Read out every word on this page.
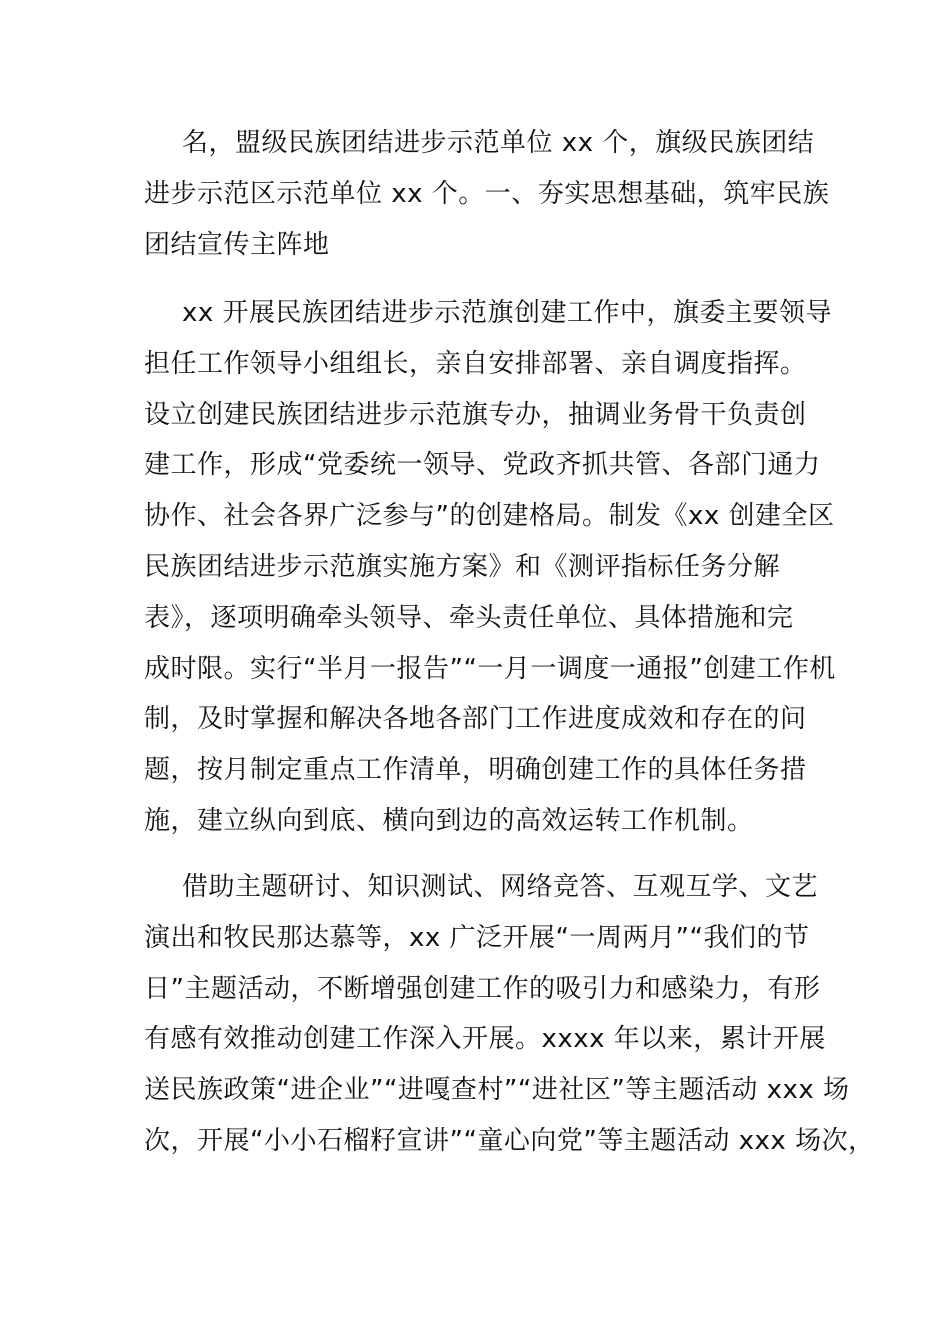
名，盟级民族团结进步示范单位 xx 个，旗级民族团结
进步示范区示范单位 xx 个。一、夯实思想基础，筑牢民族
团结宣传主阵地

xx 开展民族团结进步示范旗创建工作中，旗委主要领导
担任工作领导小组组长，亲自安排部署、亲自调度指挥。
设立创建民族团结进步示范旗专办，抽调业务骨干负责创
建工作，形成“党委统一领导、党政齐抓共管、各部门通力
协作、社会各界广泛参与”的创建格局。制发《xx 创建全区
民族团结进步示范旗实施方案》和《测评指标任务分解
表》，逐项明确牵头领导、牵头责任单位、具体措施和完
成时限。实行“半月一报告”“一月一调度一通报”创建工作机
制，及时掌握和解决各地各部门工作进度成效和存在的问
题，按月制定重点工作清单，明确创建工作的具体任务措
施，建立纵向到底、横向到边的高效运转工作机制。

借助主题研讨、知识测试、网络竞答、互观互学、文艺
演出和牧民那达慕等，xx 广泛开展“一周两月”“我们的节
日”主题活动，不断增强创建工作的吸引力和感染力，有形
有感有效推动创建工作深入开展。xxxx 年以来，累计开展
送民族政策“进企业”“进嘎查村”“进社区”等主题活动 xxx 场
次，开展“小小石榴籽宣讲”“童心向党”等主题活动 xxx 场次，
